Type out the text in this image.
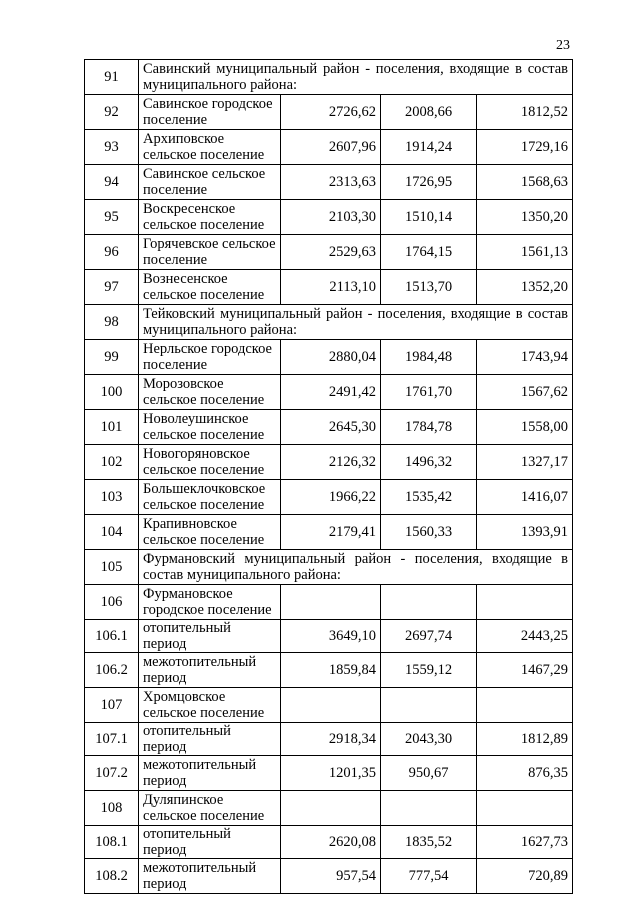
23
91	Савинский муниципальный район - поселения, входящие в состав муниципального района:			
92	Савинское городское поселение	2726,62	2008,66	1812,52
93	Архиповское сельское поселение	2607,96	1914,24	1729,16
94	Савинское сельское поселение	2313,63	1726,95	1568,63
95	Воскресенское сельское поселение	2103,30	1510,14	1350,20
96	Горячевское сельское поселение	2529,63	1764,15	1561,13
97	Вознесенское сельское поселение	2113,10	1513,70	1352,20
98	Тейковский муниципальный район - поселения, входящие в состав муниципального района:			
99	Нерльское городское поселение	2880,04	1984,48	1743,94
100	Морозовское сельское поселение	2491,42	1761,70	1567,62
101	Новолеушинское сельское поселение	2645,30	1784,78	1558,00
102	Новогоряновское сельское поселение	2126,32	1496,32	1327,17
103	Большеклочковское сельское поселение	1966,22	1535,42	1416,07
104	Крапивновское сельское поселение	2179,41	1560,33	1393,91
105	Фурмановский муниципальный район - поселения, входящие в состав муниципального района:			
106	Фурмановское городское поселение			
106.1	отопительный период	3649,10	2697,74	2443,25
106.2	межотопительный период	1859,84	1559,12	1467,29
107	Хромцовское сельское поселение			
107.1	отопительный период	2918,34	2043,30	1812,89
107.2	межотопительный период	1201,35	950,67	876,35
108	Дуляпинское сельское поселение			
108.1	отопительный период	2620,08	1835,52	1627,73
108.2	межотопительный период	957,54	777,54	720,89
